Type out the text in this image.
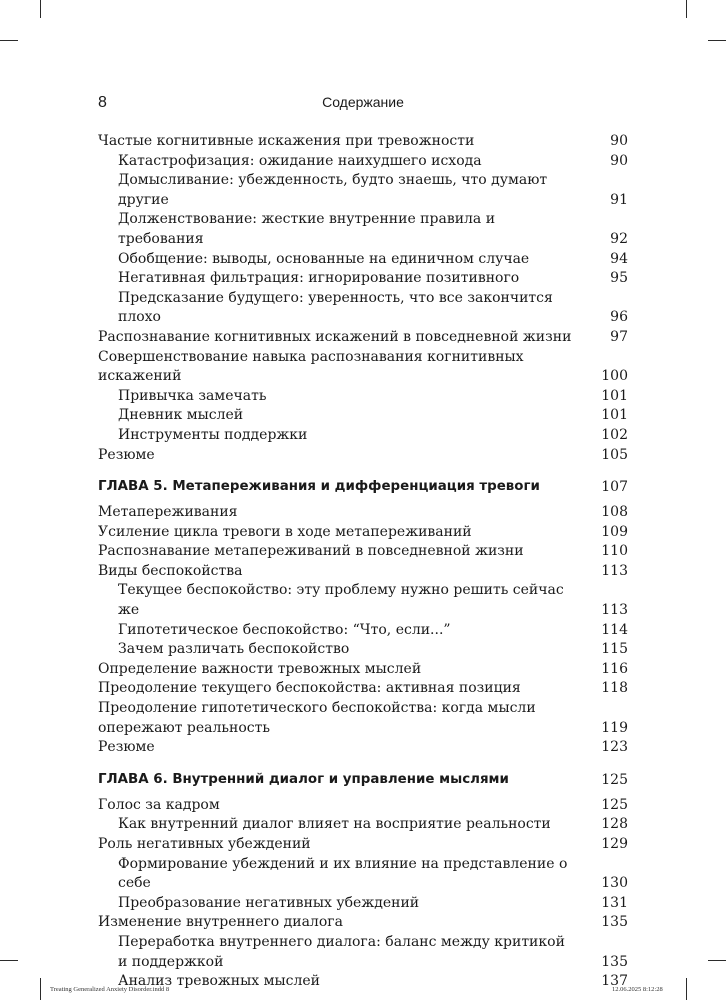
8	Содержание
Частые когнитивные искажения при тревожности	90
Катастрофизация: ожидание наихудшего исхода	90
Домысливание: убежденность, будто знаешь, что думают другие	91
Долженствование: жесткие внутренние правила и требования	92
Обобщение: выводы, основанные на единичном случае	94
Негативная фильтрация: игнорирование позитивного	95
Предсказание будущего: уверенность, что все закончится плохо	96
Распознавание когнитивных искажений в повседневной жизни	97
Совершенствование навыка распознавания когнитивных искажений	100
Привычка замечать	101
Дневник мыслей	101
Инструменты поддержки	102
Резюме	105
ГЛАВА 5. Метапереживания и дифференциация тревоги	107
Метапереживания	108
Усиление цикла тревоги в ходе метапереживаний	109
Распознавание метапереживаний в повседневной жизни	110
Виды беспокойства	113
Текущее беспокойство: эту проблему нужно решить сейчас же	113
Гипотетическое беспокойство: “Что, если...”	114
Зачем различать беспокойство	115
Определение важности тревожных мыслей	116
Преодоление текущего беспокойства: активная позиция	118
Преодоление гипотетического беспокойства: когда мысли опережают реальность	119
Резюме	123
ГЛАВА 6. Внутренний диалог и управление мыслями	125
Голос за кадром	125
Как внутренний диалог влияет на восприятие реальности	128
Роль негативных убеждений	129
Формирование убеждений и их влияние на представление о себе	130
Преобразование негативных убеждений	131
Изменение внутреннего диалога	135
Переработка внутреннего диалога: баланс между критикой и поддержкой	135
Анализ тревожных мыслей	137
Treating Generalized Anxiety Disorder.indd 8	12.06.2025 8:12:28
